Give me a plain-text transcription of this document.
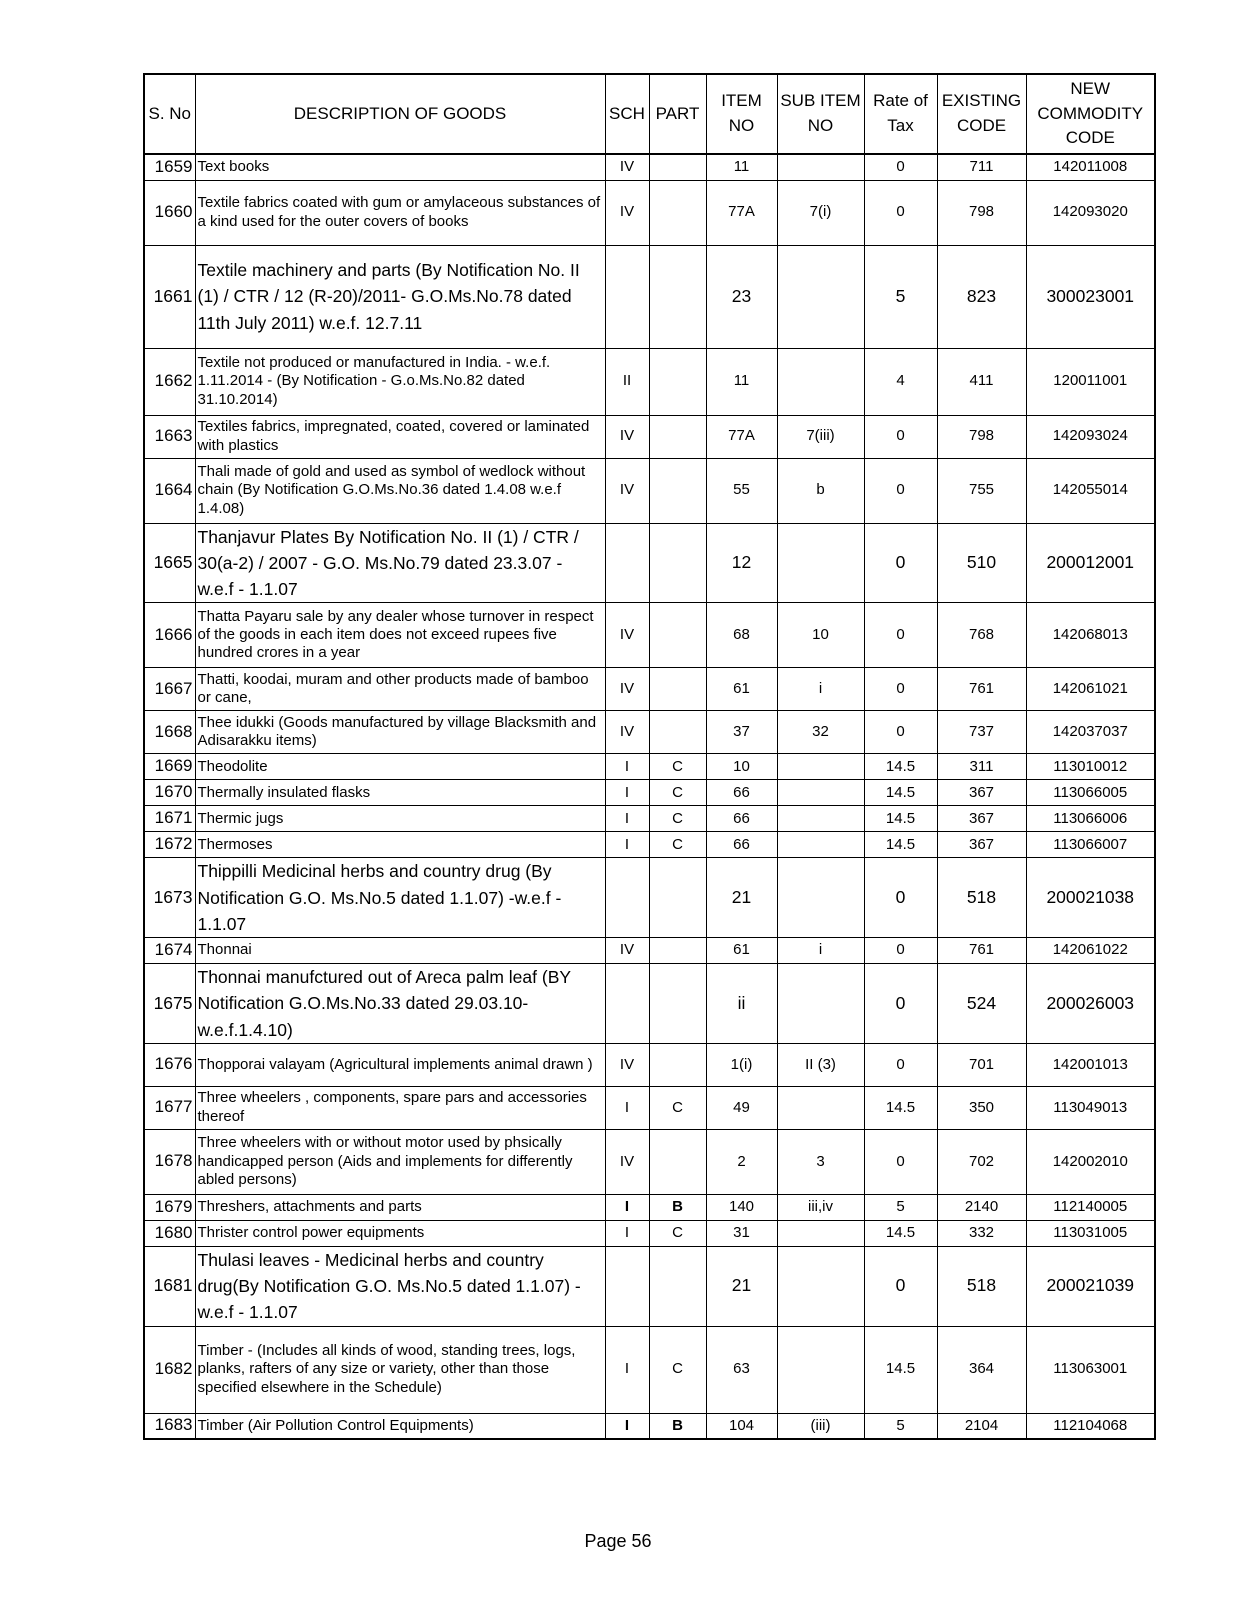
S. No	DESCRIPTION OF GOODS	SCH	PART	ITEM NO	SUB ITEM NO	Rate of Tax	EXISTING CODE	NEW COMMODITY CODE
1659	Text books	IV		11		0	711	142011008
1660	Textile fabrics coated with gum or amylaceous substances of a kind used for the outer covers of books	IV		77A	7(i)	0	798	142093020
1661	Textile machinery and parts (By Notification No. II (1) / CTR / 12 (R-20)/2011- G.O.Ms.No.78 dated 11th July 2011) w.e.f. 12.7.11			23		5	823	300023001
1662	Textile not produced or manufactured in India. - w.e.f. 1.11.2014 - (By Notification - G.o.Ms.No.82 dated 31.10.2014)	II		11		4	411	120011001
1663	Textiles fabrics, impregnated, coated, covered or laminated with plastics	IV		77A	7(iii)	0	798	142093024
1664	Thali made of gold and used as symbol of wedlock without chain (By Notification G.O.Ms.No.36 dated 1.4.08 w.e.f 1.4.08)	IV		55	b	0	755	142055014
1665	Thanjavur Plates By Notification No. II (1) / CTR / 30(a-2) / 2007 - G.O. Ms.No.79 dated 23.3.07 - w.e.f - 1.1.07			12		0	510	200012001
1666	Thatta Payaru sale by any dealer whose turnover in respect of the goods in each item does not exceed rupees five hundred crores in a year	IV		68	10	0	768	142068013
1667	Thatti, koodai, muram and other products made of bamboo or cane,	IV		61	i	0	761	142061021
1668	Thee idukki (Goods manufactured by village Blacksmith and Adisarakku items)	IV		37	32	0	737	142037037
1669	Theodolite	I	C	10		14.5	311	113010012
1670	Thermally insulated flasks	I	C	66		14.5	367	113066005
1671	Thermic jugs	I	C	66		14.5	367	113066006
1672	Thermoses	I	C	66		14.5	367	113066007
1673	Thippilli Medicinal herbs and country drug (By Notification G.O. Ms.No.5 dated 1.1.07) -w.e.f - 1.1.07			21		0	518	200021038
1674	Thonnai	IV		61	i	0	761	142061022
1675	Thonnai manufctured out of Areca palm leaf (BY Notification G.O.Ms.No.33 dated 29.03.10- w.e.f.1.4.10)			ii		0	524	200026003
1676	Thopporai valayam (Agricultural implements animal drawn )	IV		1(i)	II (3)	0	701	142001013
1677	Three wheelers , components, spare pars and accessories thereof	I	C	49		14.5	350	113049013
1678	Three wheelers with or without motor used by phsically handicapped person (Aids and implements for differently abled persons)	IV		2	3	0	702	142002010
1679	Threshers, attachments and parts	I	B	140	iii,iv	5	2140	112140005
1680	Thrister control power equipments	I	C	31		14.5	332	113031005
1681	Thulasi leaves - Medicinal herbs and country drug(By Notification G.O. Ms.No.5 dated 1.1.07) -w.e.f - 1.1.07			21		0	518	200021039
1682	Timber - (Includes all kinds of wood, standing trees, logs, planks, rafters of any size or variety, other than those specified elsewhere in the Schedule)	I	C	63		14.5	364	113063001
1683	Timber (Air Pollution Control Equipments)	I	B	104	(iii)	5	2104	112104068
Page 56
